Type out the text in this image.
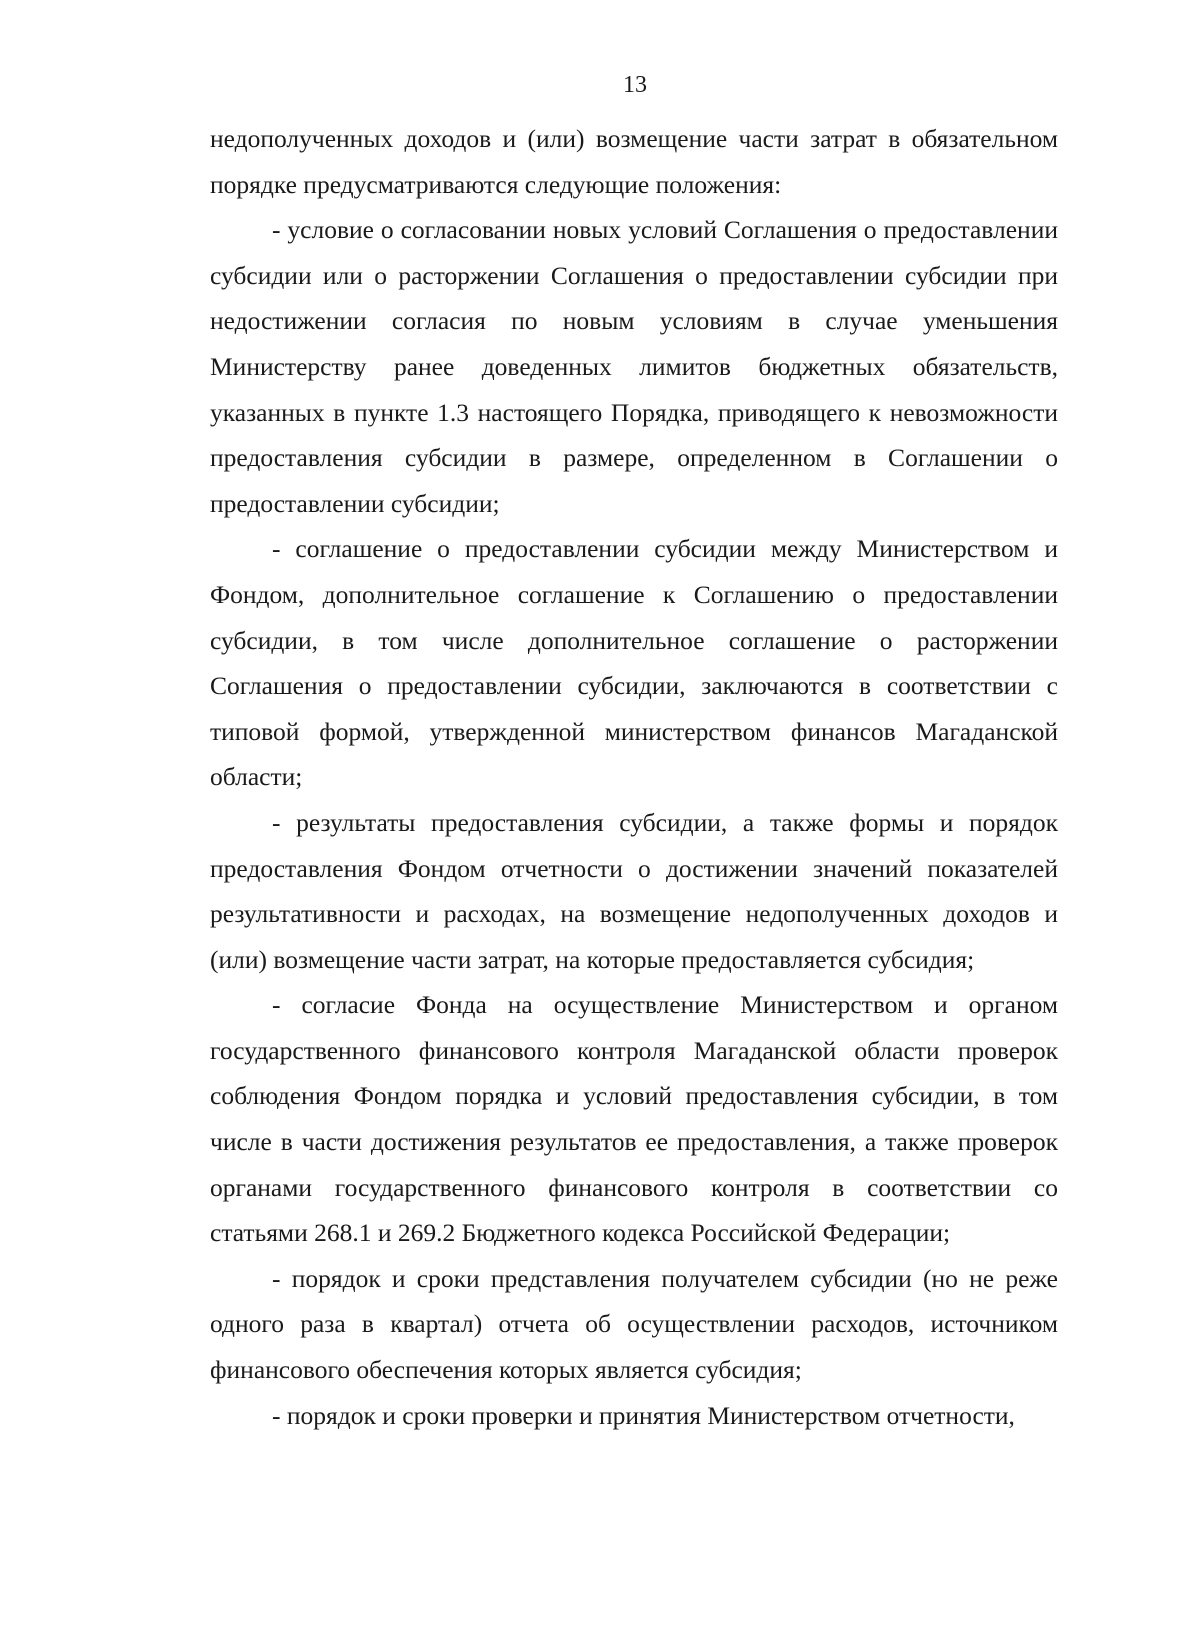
13

недополученных доходов и (или) возмещение части затрат в обязательном порядке предусматриваются следующие положения:

- условие о согласовании новых условий Соглашения о предоставлении субсидии или о расторжении Соглашения о предоставлении субсидии при недостижении согласия по новым условиям в случае уменьшения Министерству ранее доведенных лимитов бюджетных обязательств, указанных в пункте 1.3 настоящего Порядка, приводящего к невозможности предоставления субсидии в размере, определенном в Соглашении о предоставлении субсидии;

- соглашение о предоставлении субсидии между Министерством и Фондом, дополнительное соглашение к Соглашению о предоставлении субсидии, в том числе дополнительное соглашение о расторжении Соглашения о предоставлении субсидии, заключаются в соответствии с типовой формой, утвержденной министерством финансов Магаданской области;

- результаты предоставления субсидии, а также формы и порядок предоставления Фондом отчетности о достижении значений показателей результативности и расходах, на возмещение недополученных доходов и (или) возмещение части затрат, на которые предоставляется субсидия;

- согласие Фонда на осуществление Министерством и органом государственного финансового контроля Магаданской области проверок соблюдения Фондом порядка и условий предоставления субсидии, в том числе в части достижения результатов ее предоставления, а также проверок органами государственного финансового контроля в соответствии со статьями 268.1 и 269.2 Бюджетного кодекса Российской Федерации;

- порядок и сроки представления получателем субсидии (но не реже одного раза в квартал) отчета об осуществлении расходов, источником финансового обеспечения которых является субсидия;

- порядок и сроки проверки и принятия Министерством отчетности,
